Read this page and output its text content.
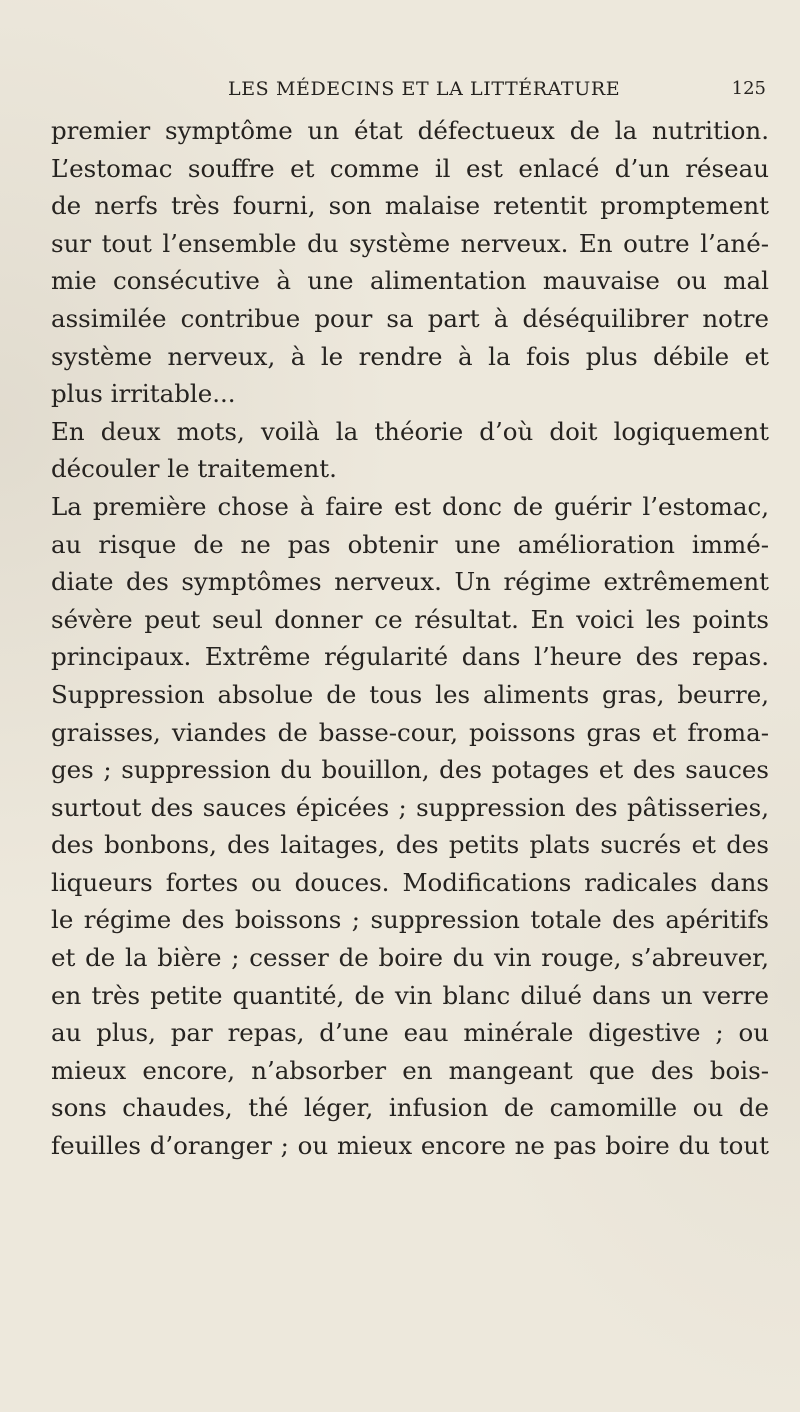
LES MÉDECINS ET LA LITTÉRATURE	125
premier symptôme un état défectueux de la nutrition.
L’estomac souffre et comme il est enlacé d’un réseau
de nerfs très fourni, son malaise retentit promptement
sur tout l’ensemble du système nerveux. En outre l’ané-
mie consécutive à une alimentation mauvaise ou mal
assimilée contribue pour sa part à déséquilibrer notre
système nerveux, à le rendre à la fois plus débile et
plus irritable...
En deux mots, voilà la théorie d’où doit logiquement
découler le traitement.
La première chose à faire est donc de guérir l’estomac,
au risque de ne pas obtenir une amélioration immé-
diate des symptômes nerveux. Un régime extrêmement
sévère peut seul donner ce résultat. En voici les points
principaux. Extrême régularité dans l’heure des repas.
Suppression absolue de tous les aliments gras, beurre,
graisses, viandes de basse-cour, poissons gras et froma-
ges ; suppression du bouillon, des potages et des sauces
surtout des sauces épicées ; suppression des pâtisseries,
des bonbons, des laitages, des petits plats sucrés et des
liqueurs fortes ou douces. Modifications radicales dans
le régime des boissons ; suppression totale des apéritifs
et de la bière ; cesser de boire du vin rouge, s’abreuver,
en très petite quantité, de vin blanc dilué dans un verre
au plus, par repas, d’une eau minérale digestive ; ou
mieux encore, n’absorber en mangeant que des bois-
sons chaudes, thé léger, infusion de camomille ou de
feuilles d’oranger ; ou mieux encore ne pas boire du tout
